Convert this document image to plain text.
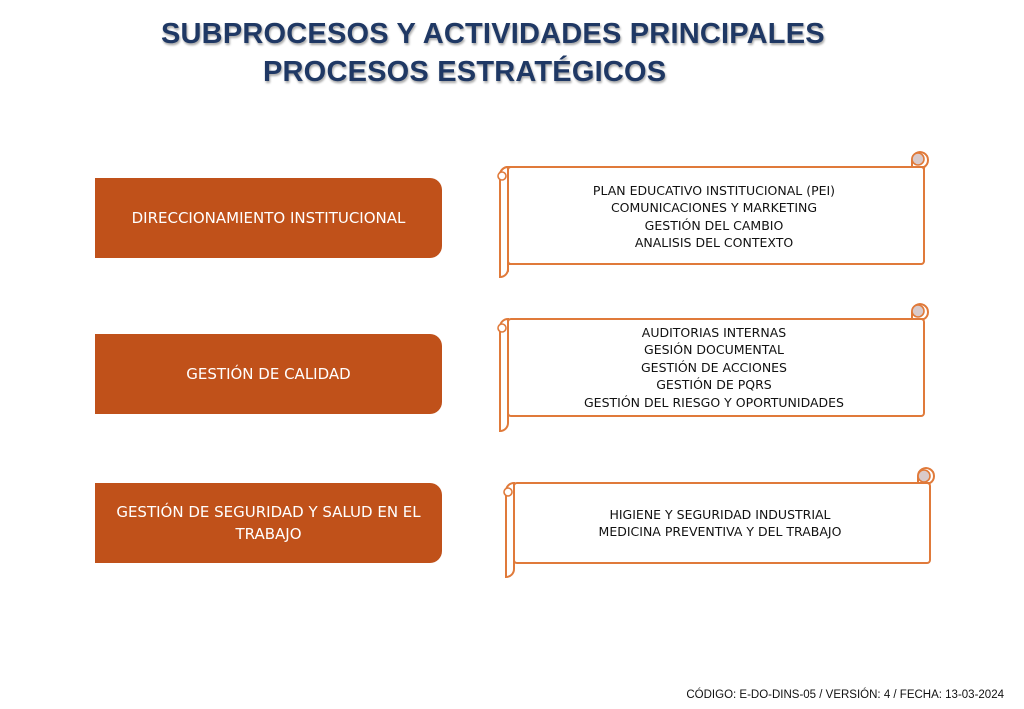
SUBPROCESOS Y ACTIVIDADES PRINCIPALES
PROCESOS ESTRATÉGICOS
DIRECCIONAMIENTO INSTITUCIONAL
PLAN EDUCATIVO INSTITUCIONAL (PEI)
COMUNICACIONES Y MARKETING
GESTIÓN DEL CAMBIO
ANALISIS DEL CONTEXTO
GESTIÓN DE CALIDAD
AUDITORIAS INTERNAS
GESIÓN DOCUMENTAL
GESTIÓN DE ACCIONES
GESTIÓN DE PQRS
GESTIÓN DEL RIESGO Y OPORTUNIDADES
GESTIÓN DE SEGURIDAD Y SALUD EN EL TRABAJO
HIGIENE Y SEGURIDAD INDUSTRIAL
MEDICINA PREVENTIVA Y DEL TRABAJO
CÓDIGO: E-DO-DINS-05 / VERSIÓN: 4 / FECHA: 13-03-2024
